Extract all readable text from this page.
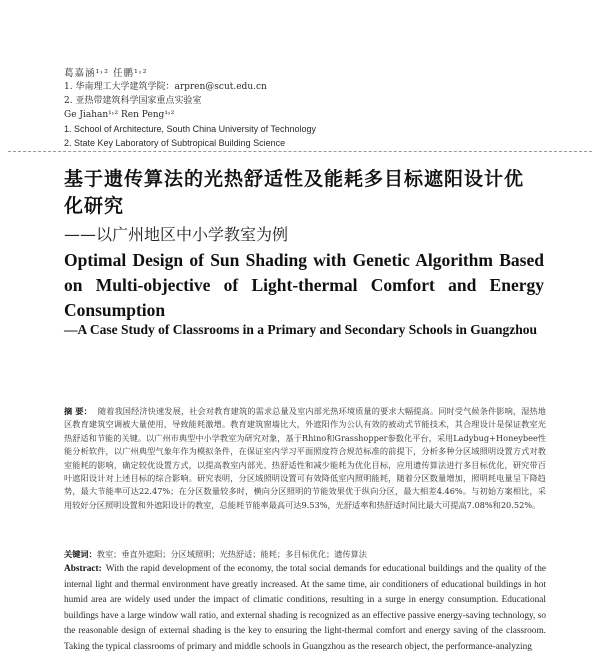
葛嘉涵¹˒² 任鹏¹˒²
1. 华南理工大学建筑学院：arpren@scut.edu.cn
2. 亚热带建筑科学国家重点实验室
Ge Jiahan¹˒² Ren Peng¹˒²
1. School of Architecture, South China University of Technology
2. State Key Laboratory of Subtropical Building Science
基于遗传算法的光热舒适性及能耗多目标遮阳设计优化研究
——以广州地区中小学教室为例
Optimal Design of Sun Shading with Genetic Algorithm Based on Multi-objective of Light-thermal Comfort and Energy Consumption
—A Case Study of Classrooms in a Primary and Secondary Schools in Guangzhou
摘 要： 随着我国经济快速发展，社会对教育建筑的需求总量及室内部光热环境质量的要求大幅提高。同时受气候条件影响，湿热地区教育建筑空调被大量使用，导致能耗激增。教育建筑窗墙比大，外遮阳作为公认有效的被动式节能技术，其合理设计是保证教室光热舒适和节能的关键。以广州市典型中小学教室为研究对象，基于Rhino和Grasshopper参数化平台，采用Ladybug+Honeybee性能分析软件，以广州典型气象年作为模拟条件，在保证室内学习平面照度符合规范标准的前提下，分析多种分区域照明设置方式对教室能耗的影响，确定较优设置方式，以提高教室内部光、热舒适性和减少能耗为优化目标，应用遗传算法进行多目标优化，研究带百叶遮阳设计对上述目标的综合影响。研究表明，分区域照明设置可有效降低室内照明能耗，随着分区数量增加，照明耗电量呈下降趋势，最大节能率可达22.47%；在分区数量较多时，横向分区照明的节能效果优于纵向分区，最大相差4.46%。与初始方案相比，采用较好分区照明设置和外遮阳设计的教室，总能耗节能率最高可达9.53%，光舒适率和热舒适时间比最大可提高7.08%和20.52%。
关键词：教室；垂直外遮阳；分区域照明；光热舒适；能耗；多目标优化；遗传算法
Abstract: With the rapid development of the economy, the total social demands for educational buildings and the quality of the internal light and thermal environment have greatly increased. At the same time, air conditioners of educational buildings in hot humid area are widely used under the impact of climatic conditions, resulting in a surge in energy consumption. Educational buildings have a large window wall ratio, and external shading is recognized as an effective passive energy-saving technology, so the reasonable design of external shading is the key to ensuring the light-thermal comfort and energy saving of the classroom. Taking the typical classrooms of primary and middle schools in Guangzhou as the research object, the performance-analyzing
